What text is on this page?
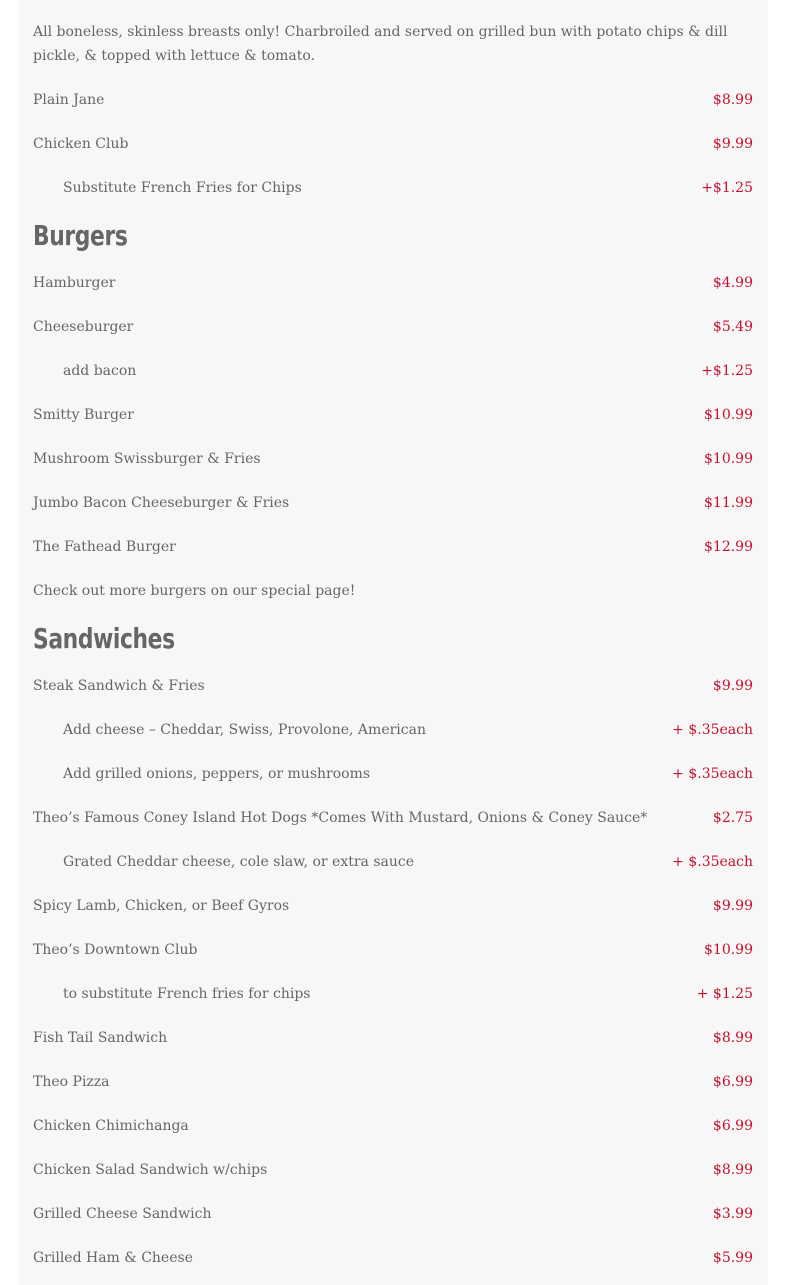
All boneless, skinless breasts only! Charbroiled and served on grilled bun with potato chips & dill pickle, & topped with lettuce & tomato.
Burgers
Sandwiches
Plain Jane	$8.99
Chicken Club	$9.99
Substitute French Fries for Chips	+$1.25
Hamburger	$4.99
Cheeseburger	$5.49
add bacon	+$1.25
Smitty Burger	$10.99
Mushroom Swissburger & Fries	$10.99
Jumbo Bacon Cheeseburger & Fries	$11.99
The Fathead Burger	$12.99
Check out more burgers on our special page!
Steak Sandwich & Fries	$9.99
Add cheese – Cheddar, Swiss, Provolone, American	+ $.35each
Add grilled onions, peppers, or mushrooms	+ $.35each
Theo’s Famous Coney Island Hot Dogs *Comes With Mustard, Onions & Coney Sauce*	$2.75
Grated Cheddar cheese, cole slaw, or extra sauce	+ $.35each
Spicy Lamb, Chicken, or Beef Gyros	$9.99
Theo’s Downtown Club	$10.99
to substitute French fries for chips	+ $1.25
Fish Tail Sandwich	$8.99
Theo Pizza	$6.99
Chicken Chimichanga	$6.99
Chicken Salad Sandwich w/chips	$8.99
Grilled Cheese Sandwich	$3.99
Grilled Ham & Cheese	$5.99
